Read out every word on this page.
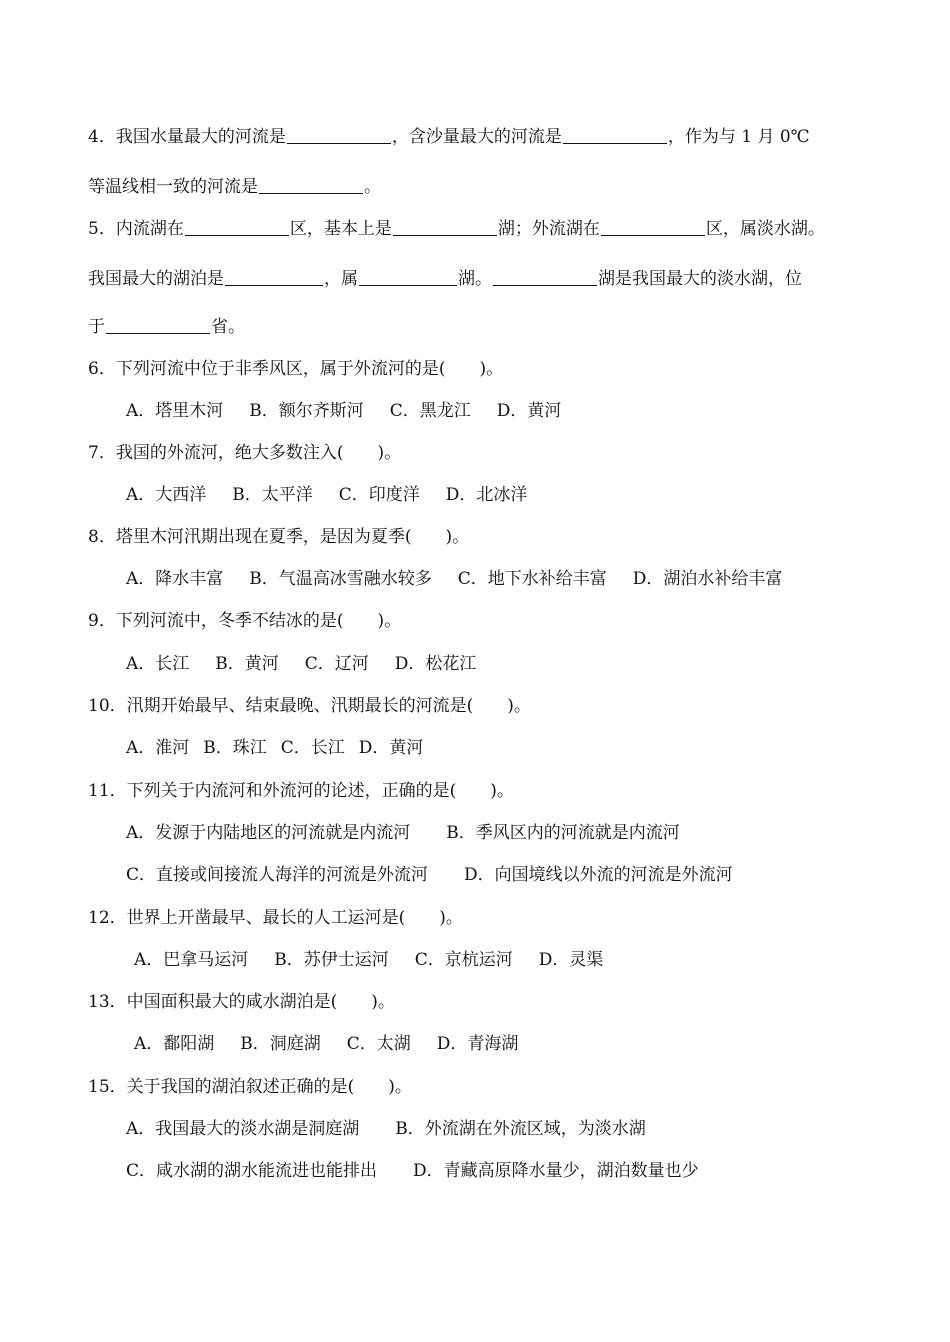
4．我国水量最大的河流是	，含沙量最大的河流是	，作为与 1 月 0℃
等温线相一致的河流是	。
5．内流湖在	区，基本上是	湖；外流湖在	区，属淡水湖。
我国最大的湖泊是	，属	湖。	湖是我国最大的淡水湖，位
于	省。
6．下列河流中位于非季风区，属于外流河的是( )。
A．塔里木河 B．额尔齐斯河 C．黑龙江 D．黄河
7．我国的外流河，绝大多数注入( )。
A．大西洋 B．太平洋 C．印度洋 D．北冰洋
8．塔里木河汛期出现在夏季，是因为夏季( )。
A．降水丰富 B．气温高冰雪融水较多 C．地下水补给丰富 D．湖泊水补给丰富
9．下列河流中，冬季不结冰的是( )。
A．长江 B．黄河 C．辽河 D．松花江
10．汛期开始最早、结束最晚、汛期最长的河流是( )。
A．淮河 B．珠江 C．长江 D．黄河
11．下列关于内流河和外流河的论述，正确的是( )。
A．发源于内陆地区的河流就是内流河 B．季风区内的河流就是内流河
C．直接或间接流人海洋的河流是外流河 D．向国境线以外流的河流是外流河
12．世界上开凿最早、最长的人工运河是( )。
A．巴拿马运河 B．苏伊士运河 C．京杭运河 D．灵渠
13．中国面积最大的咸水湖泊是( )。
A．鄱阳湖 B．洞庭湖 C．太湖 D．青海湖
15．关于我国的湖泊叙述正确的是( )。
A．我国最大的淡水湖是洞庭湖 B．外流湖在外流区域，为淡水湖
C．咸水湖的湖水能流进也能排出 D．青藏高原降水量少，湖泊数量也少
